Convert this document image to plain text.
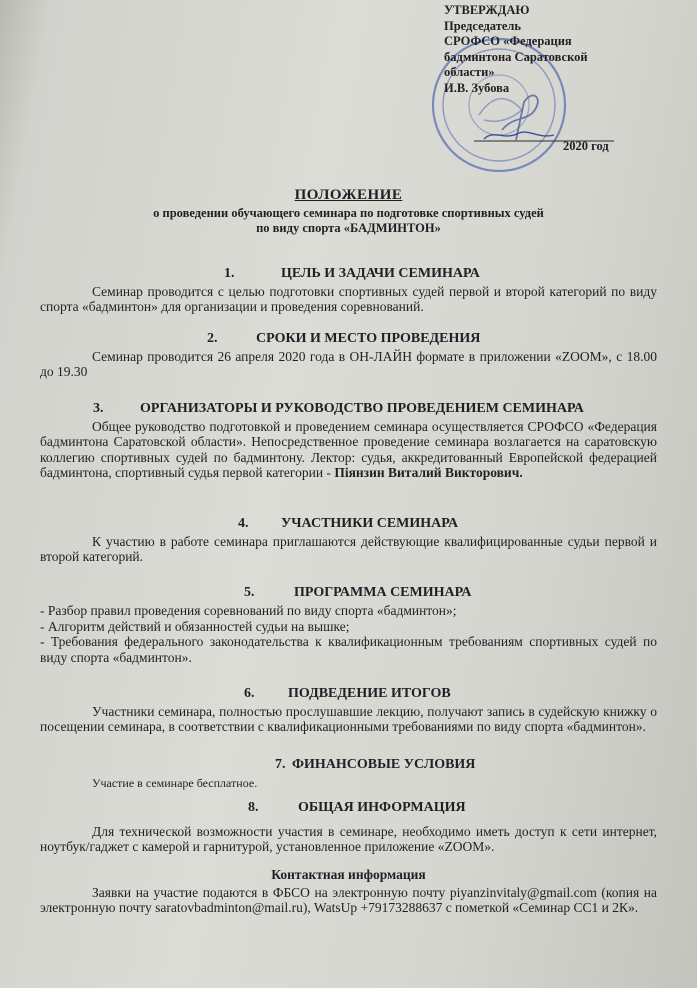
УТВЕРЖДАЮ
Председатель
СРОФСО «Федерация
бадминтона Саратовской
области»
И.В. Зубова
2020 год
ПОЛОЖЕНИЕ
о проведении обучающего семинара по подготовке спортивных судей
по виду спорта «БАДМИНТОН»
1.	ЦЕЛЬ И ЗАДАЧИ СЕМИНАРА
Семинар проводится с целью подготовки спортивных судей первой и второй категорий по виду спорта «бадминтон» для организации и проведения соревнований.
2.	СРОКИ И МЕСТО ПРОВЕДЕНИЯ
Семинар проводится 26 апреля 2020 года в ОН-ЛАЙН формате в приложении «ZOOM», с 18.00 до 19.30
3.	ОРГАНИЗАТОРЫ И РУКОВОДСТВО ПРОВЕДЕНИЕМ СЕМИНАРА
Общее руководство подготовкой и проведением семинара осуществляется СРОФСО «Федерация бадминтона Саратовской области». Непосредственное проведение семинара возлагается на саратовскую коллегию спортивных судей по бадминтону. Лектор: судья, аккредитованный Европейской федерацией бадминтона, спортивный судья первой категории - Піянзин Виталий Викторович.
4. УЧАСТНИКИ СЕМИНАРА
К участию в работе семинара приглашаются действующие квалифицированные судьи первой и второй категорий.
5.	ПРОГРАММА СЕМИНАРА
- Разбор правил проведения соревнований по виду спорта «бадминтон»;
- Алгоритм действий и обязанностей судьи на вышке;
- Требования федерального законодательства к квалификационным требованиям спортивных судей по виду спорта «бадминтон».
6. ПОДВЕДЕНИЕ ИТОГОВ
Участники семинара, полностью прослушавшие лекцию, получают запись в судейскую книжку о посещении семинара, в соответствии с квалификационными требованиями по виду спорта «бадминтон».
7. ФИНАНСОВЫЕ УСЛОВИЯ
Участие в семинаре бесплатное.
8.	ОБЩАЯ ИНФОРМАЦИЯ
Для технической возможности участия в семинаре, необходимо иметь доступ к сети интернет, ноутбук/гаджет с камерой и гарнитурой, установленное приложение «ZOOM».
Контактная информация
Заявки на участие подаются в ФБСО на электронную почту piyanzinvitaly@gmail.com (копия на электронную почту saratovbadminton@mail.ru), WatsUp +79173288637 с пометкой «Семинар СС1 и 2К».
